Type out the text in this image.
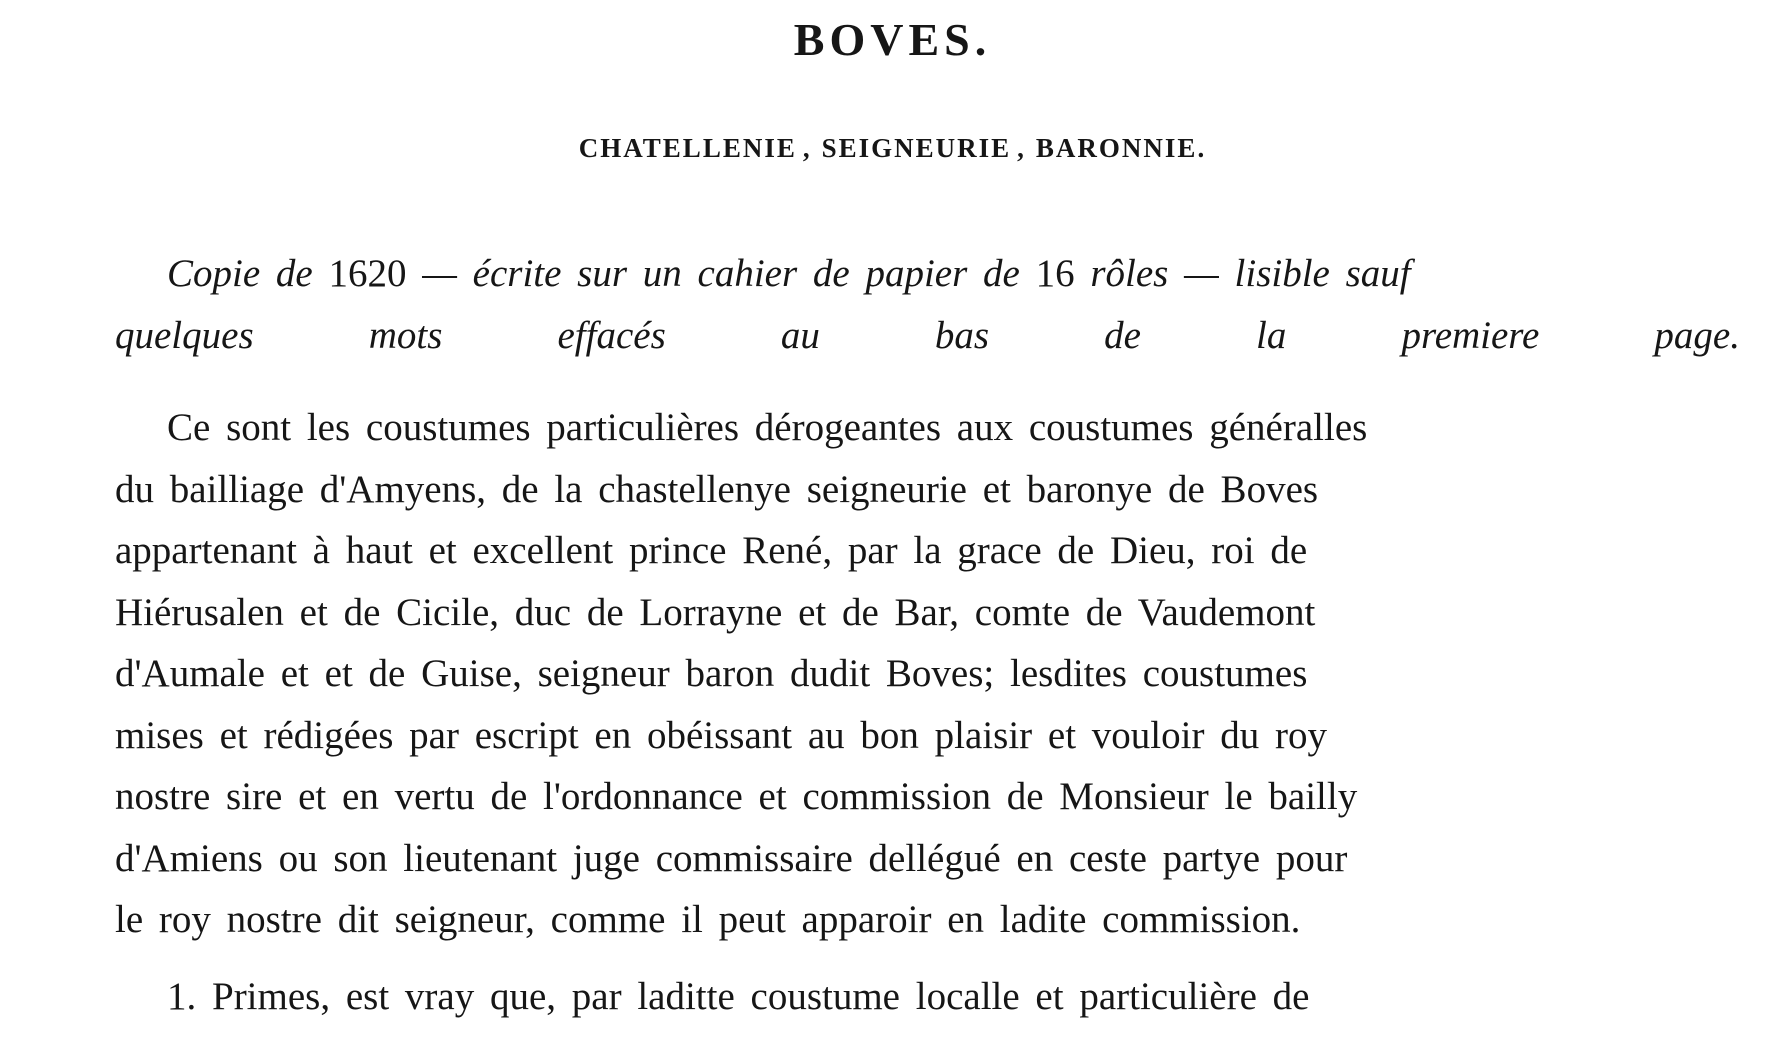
BOVES.
CHATELLENIE , SEIGNEURIE , BARONNIE.
Copie de 1620 — écrite sur un cahier de papier de 16 rôles — lisible sauf
quelques mots effacés au bas de la premiere page.
Ce sont les coustumes particulières dérogeantes aux coustumes généralles
du bailliage d'Amyens, de la chastellenye seigneurie et baronye de Boves
appartenant à haut et excellent prince René, par la grace de Dieu, roi de
Hiérusalen et de Cicile, duc de Lorrayne et de Bar, comte de Vaudemont
d'Aumale et et de Guise, seigneur baron dudit Boves; lesdites coustumes
mises et rédigées par escript en obéissant au bon plaisir et vouloir du roy
nostre sire et en vertu de l'ordonnance et commission de Monsieur le bailly
d'Amiens ou son lieutenant juge commissaire dellégué en ceste partye pour
le roy nostre dit seigneur, comme il peut apparoir en ladite commission.
1. Primes, est vray que, par laditte coustume localle et particulière de
